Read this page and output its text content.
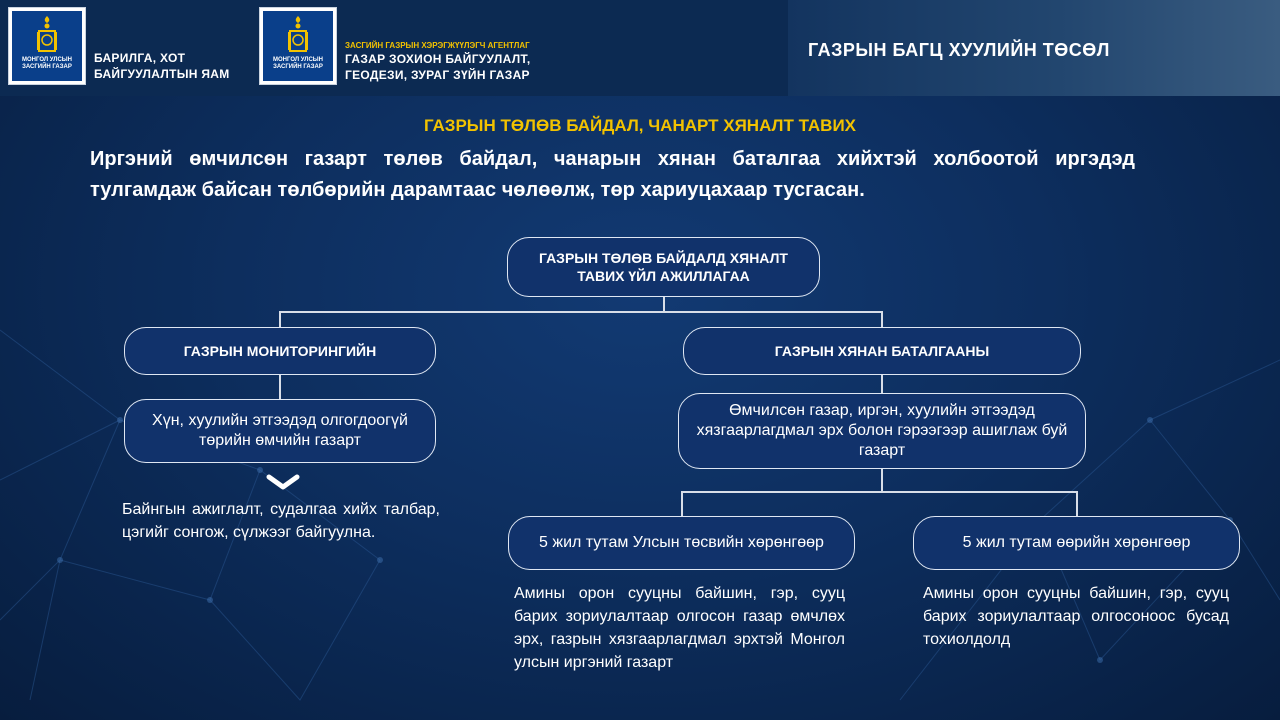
МОНГОЛ УЛСЫН
ЗАСГИЙН ГАЗАР
БАРИЛГА, ХОТ
БАЙГУУЛАЛТЫН ЯАМ
МОНГОЛ УЛСЫН
ЗАСГИЙН ГАЗАР
ЗАСГИЙН ГАЗРЫН ХЭРЭГЖҮҮЛЭГЧ АГЕНТЛАГ
ГАЗАР ЗОХИОН БАЙГУУЛАЛТ,
ГЕОДЕЗИ, ЗУРАГ ЗҮЙН ГАЗАР
ГАЗРЫН БАГЦ ХУУЛИЙН ТӨСӨЛ
ГАЗРЫН ТӨЛӨВ БАЙДАЛ, ЧАНАРТ ХЯНАЛТ ТАВИХ
Иргэний өмчилсөн газарт төлөв байдал, чанарын хянан баталгаа хийхтэй холбоотой иргэдэд тулгамдаж байсан төлбөрийн дарамтаас чөлөөлж, төр хариуцахаар тусгасан.
ГАЗРЫН ТӨЛӨВ БАЙДАЛД ХЯНАЛТ ТАВИХ ҮЙЛ АЖИЛЛАГАА
ГАЗРЫН МОНИТОРИНГИЙН	ГАЗРЫН ХЯНАН БАТАЛГААНЫ
Хүн, хуулийн этгээдэд олгогдоогүй төрийн өмчийн газарт
Өмчилсөн газар, иргэн, хуулийн этгээдэд хязгаарлагдмал эрх болон гэрээгээр ашиглаж буй газарт
Байнгын ажиглалт, судалгаа хийх талбар, цэгийг сонгож, сүлжээг байгуулна.
5 жил тутам Улсын төсвийн хөрөнгөөр	5 жил тутам өөрийн хөрөнгөөр
Амины орон сууцны байшин, гэр, сууц барих зориулалтаар олгосон газар өмчлөх эрх, газрын хязгаарлагдмал эрхтэй Монгол улсын иргэний газарт
Амины орон сууцны байшин, гэр, сууц барих зориулалтаар олгосоноос бусад тохиолдолд
